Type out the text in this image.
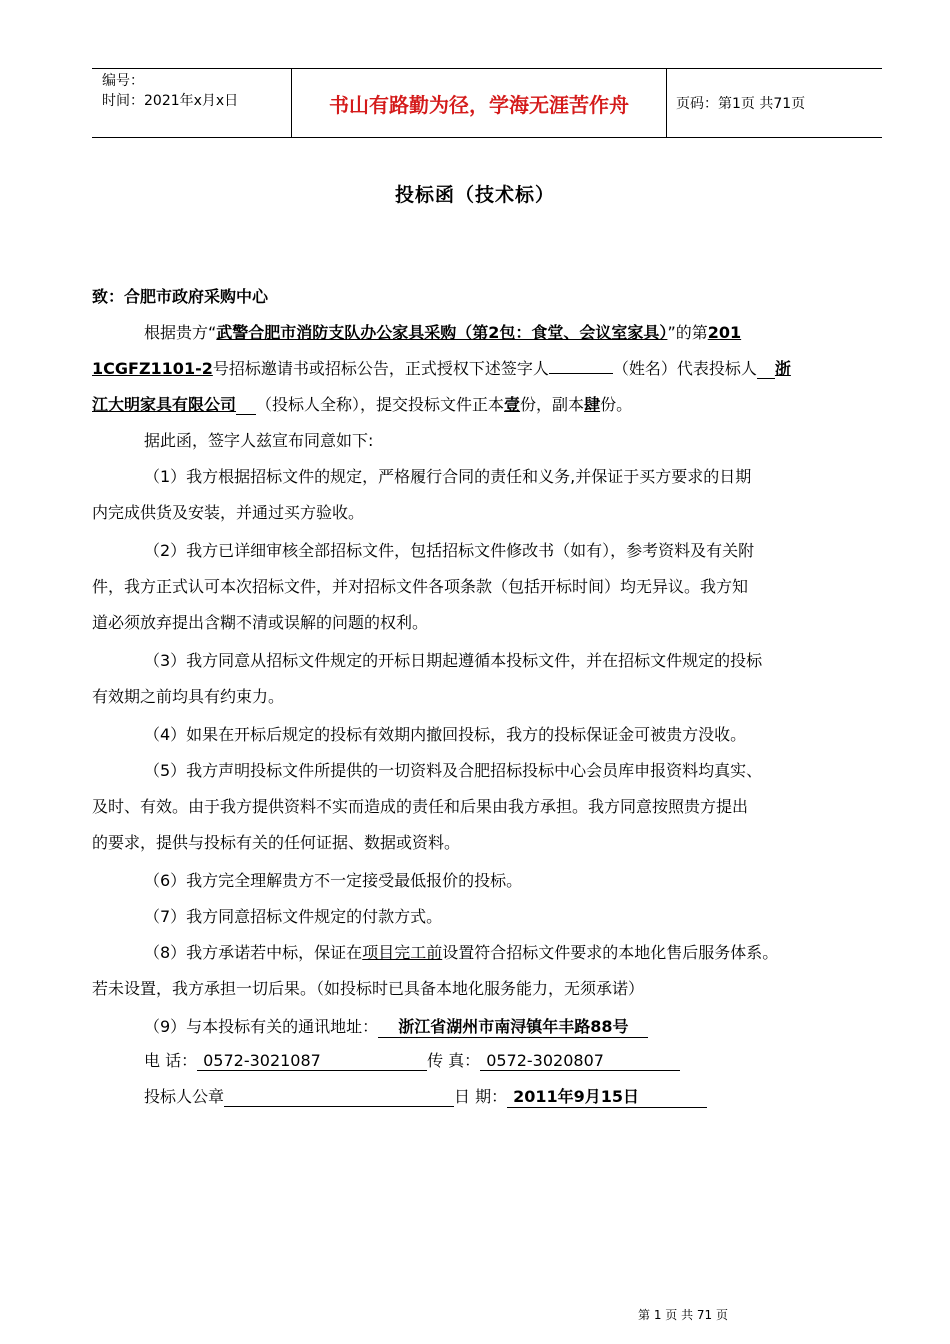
编号：
时间：2021年x月x日	书山有路勤为径，学海无涯苦作舟	页码：第1页 共71页
投标函（技术标）
致：合肥市政府采购中心
根据贵方“武警合肥市消防支队办公家具采购（第2包：食堂、会议室家具）”的第201
1CGFZ1101-2号招标邀请书或招标公告，正式授权下述签字人	（姓名）代表投标人 浙
江大明家具有限公司 （投标人全称），提交投标文件正本壹份，副本肆份。
据此函，签字人兹宣布同意如下:
（1）我方根据招标文件的规定，严格履行合同的责任和义务,并保证于买方要求的日期
内完成供货及安装，并通过买方验收。
（2）我方已详细审核全部招标文件，包括招标文件修改书（如有），参考资料及有关附
件，我方正式认可本次招标文件，并对招标文件各项条款（包括开标时间）均无异议。我方知
道必须放弃提出含糊不清或误解的问题的权利。
（3）我方同意从招标文件规定的开标日期起遵循本投标文件，并在招标文件规定的投标
有效期之前均具有约束力。
（4）如果在开标后规定的投标有效期内撤回投标，我方的投标保证金可被贵方没收。
（5）我方声明投标文件所提供的一切资料及合肥招标投标中心会员库申报资料均真实、
及时、有效。由于我方提供资料不实而造成的责任和后果由我方承担。我方同意按照贵方提出
的要求，提供与投标有关的任何证据、数据或资料。
（6）我方完全理解贵方不一定接受最低报价的投标。
（7）我方同意招标文件规定的付款方式。
（8）我方承诺若中标，保证在项目完工前设置符合招标文件要求的本地化售后服务体系。
若未设置，我方承担一切后果。（如投标时已具备本地化服务能力，无须承诺）
（9）与本投标有关的通讯地址： 浙江省湖州市南浔镇年丰路88号
电 话： 0572-3021087	传 真： 0572-3020807
投标人公章	日 期： 2011年9月15日
第 1 页 共 71 页
